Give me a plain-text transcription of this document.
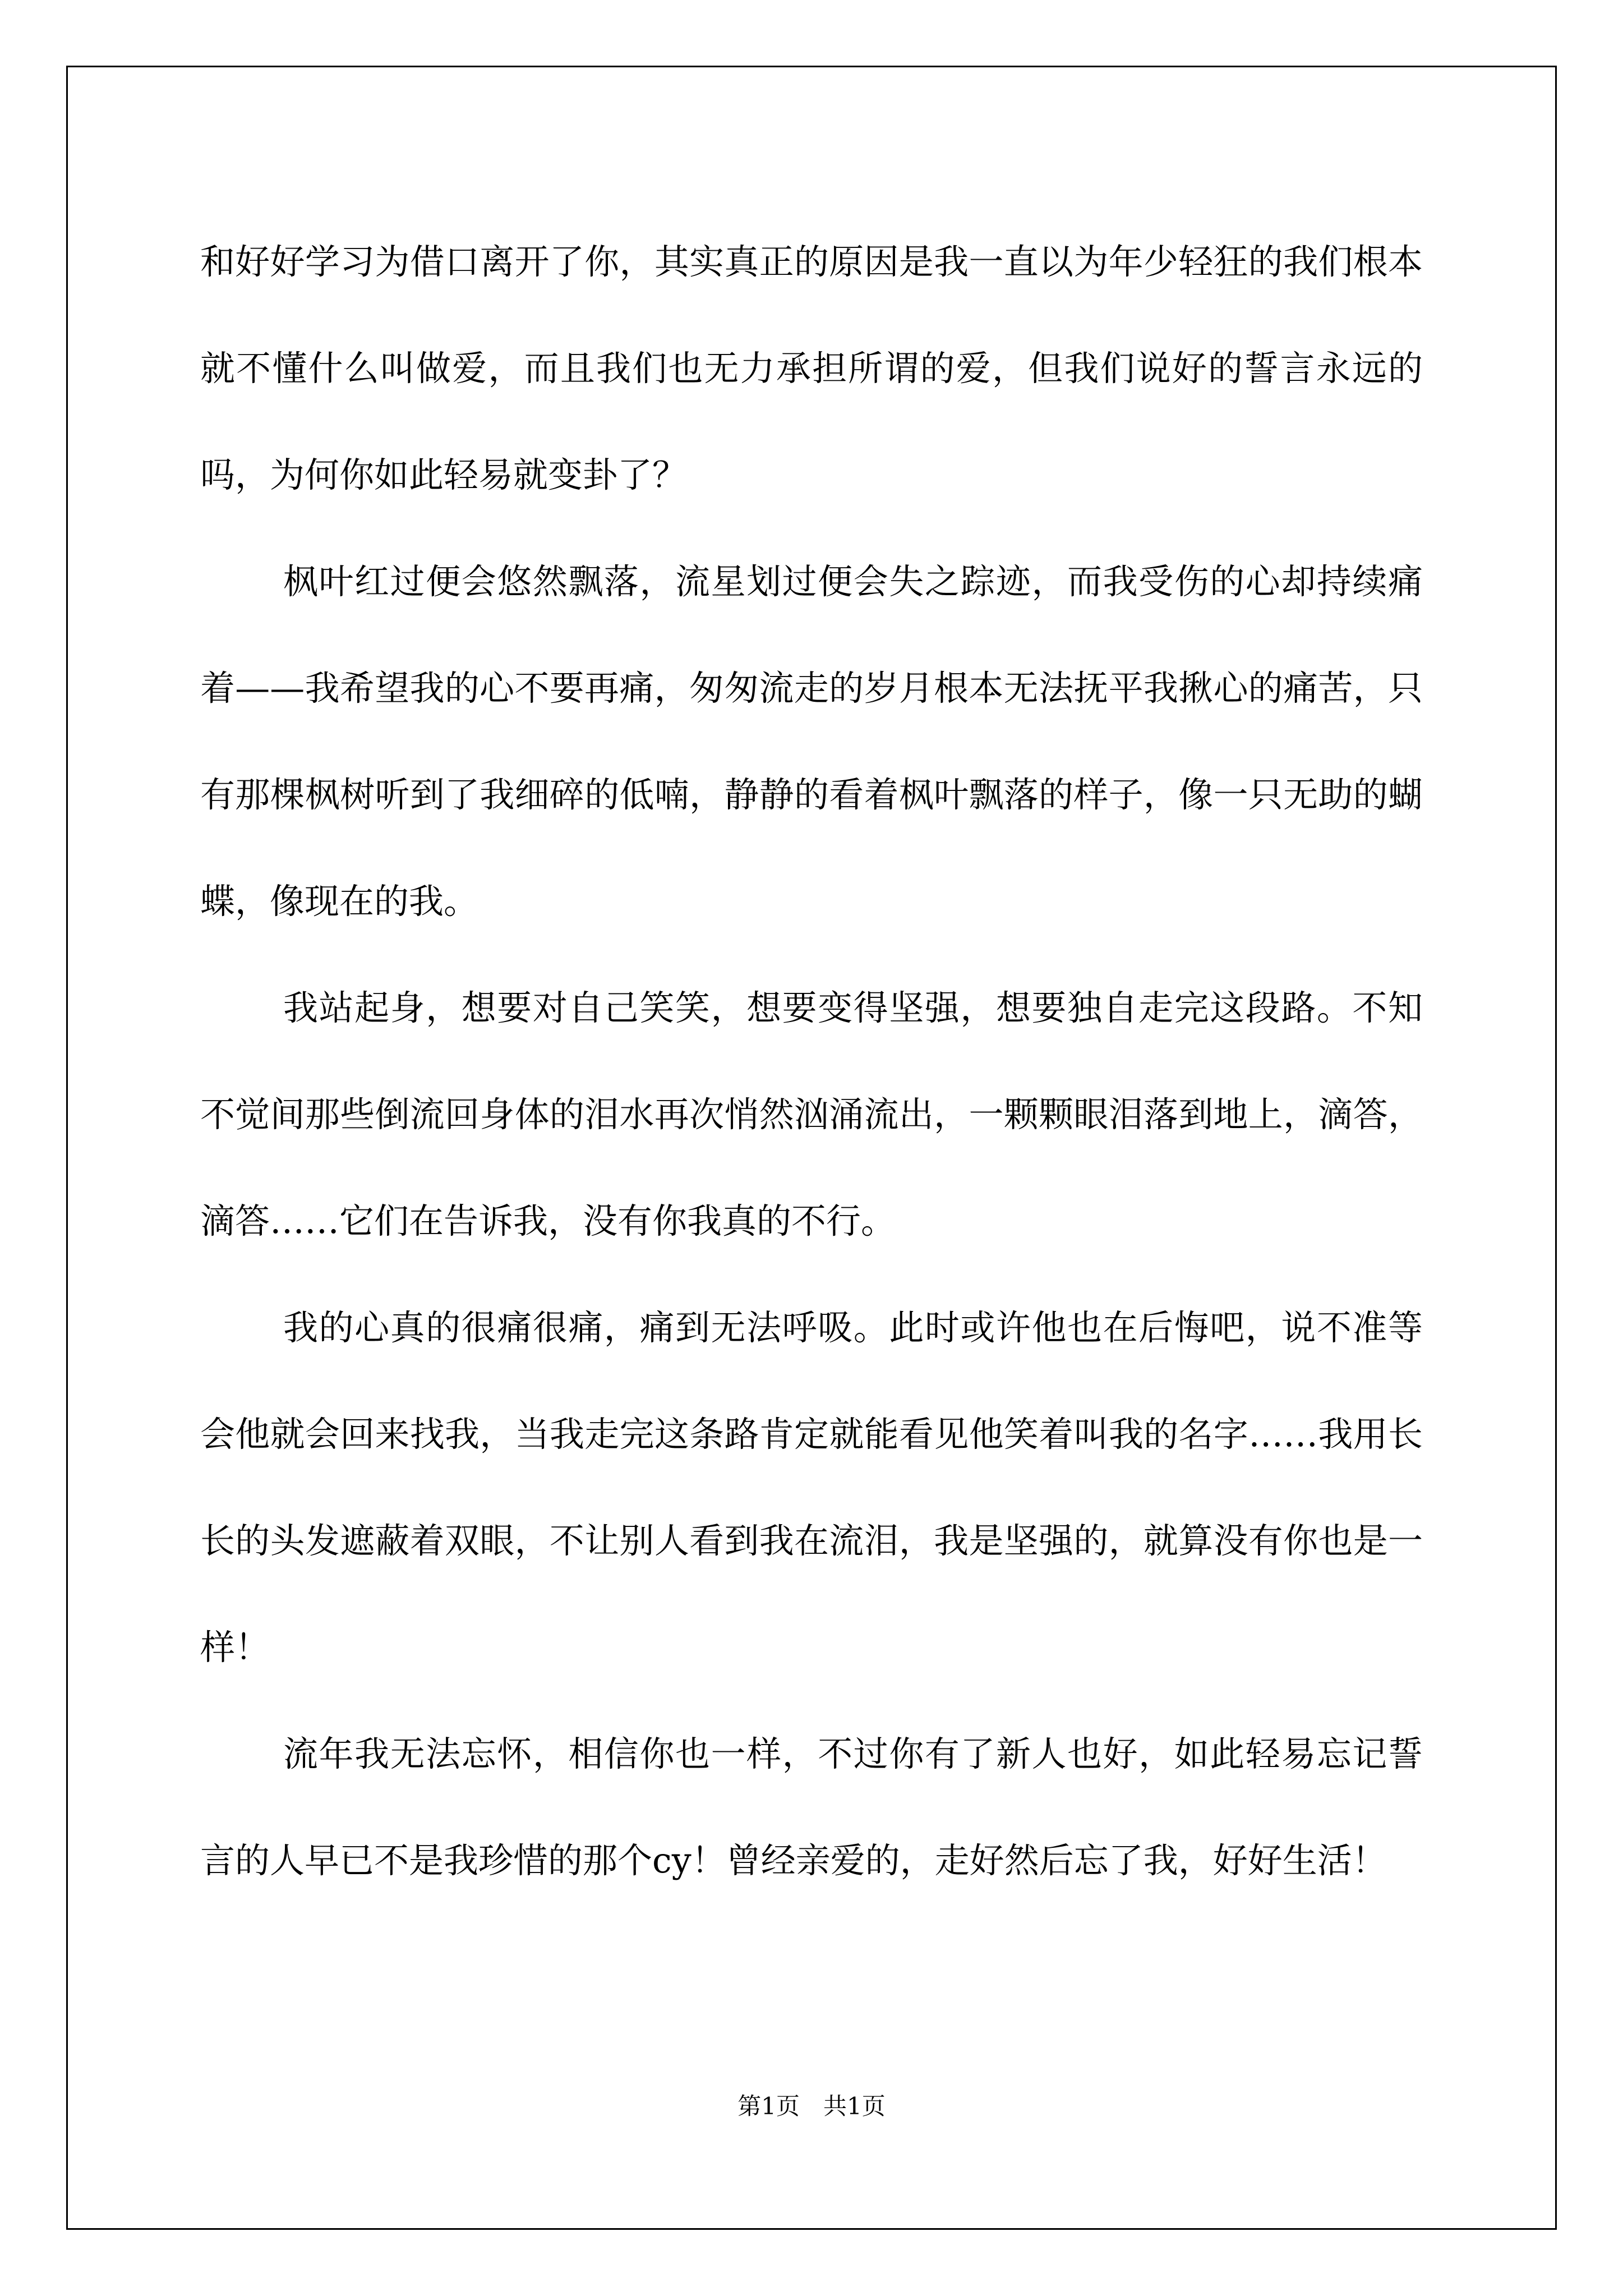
和好好学习为借口离开了你，其实真正的原因是我一直以为年少轻狂的我们根本就不懂什么叫做爱，而且我们也无力承担所谓的爱，但我们说好的誓言永远的吗，为何你如此轻易就变卦了？

枫叶红过便会悠然飘落，流星划过便会失之踪迹，而我受伤的心却持续痛着——我希望我的心不要再痛，匆匆流走的岁月根本无法抚平我揪心的痛苦，只有那棵枫树听到了我细碎的低喃，静静的看着枫叶飘落的样子，像一只无助的蝴蝶，像现在的我。

我站起身，想要对自己笑笑，想要变得坚强，想要独自走完这段路。不知不觉间那些倒流回身体的泪水再次悄然汹涌流出，一颗颗眼泪落到地上，滴答，滴答……它们在告诉我，没有你我真的不行。

我的心真的很痛很痛，痛到无法呼吸。此时或许他也在后悔吧，说不准等会他就会回来找我，当我走完这条路肯定就能看见他笑着叫我的名字……我用长长的头发遮蔽着双眼，不让别人看到我在流泪，我是坚强的，就算没有你也是一样！

流年我无法忘怀，相信你也一样，不过你有了新人也好，如此轻易忘记誓言的人早已不是我珍惜的那个cy！曾经亲爱的，走好然后忘了我，好好生活！

第1页　共1页
